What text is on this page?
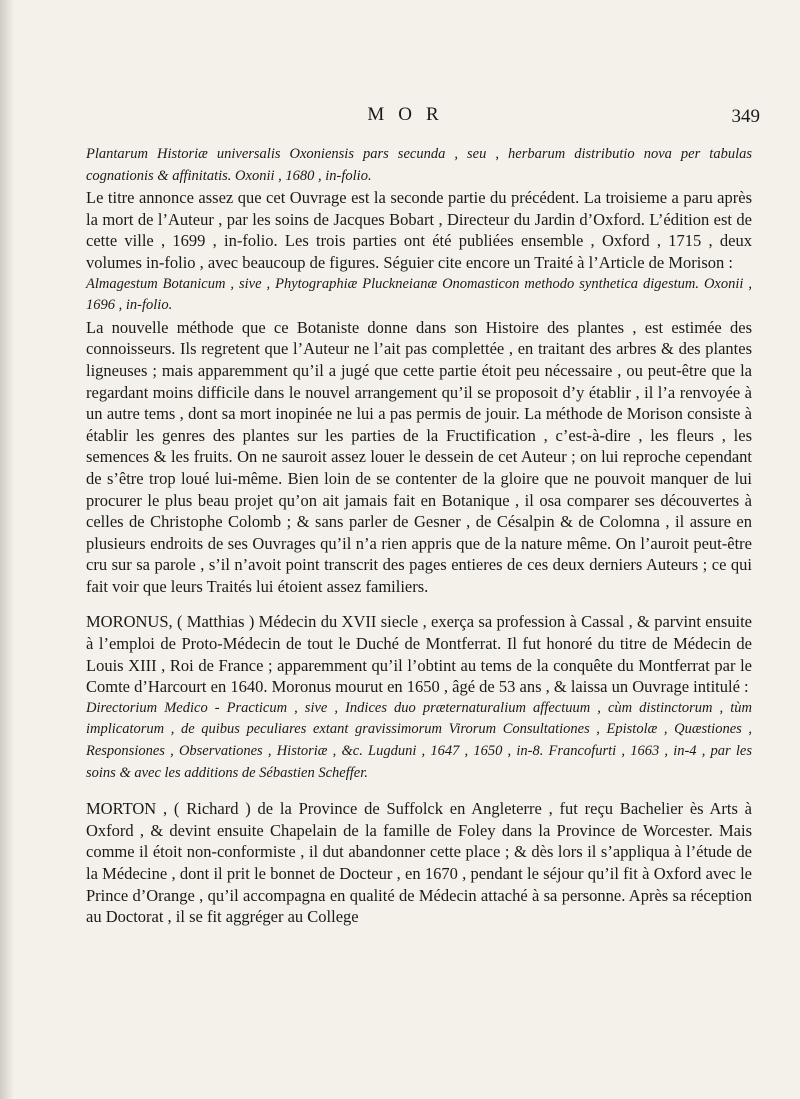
MOR	349

Plantarum Historiæ universalis Oxoniensis pars secunda , seu , herbarum distributio nova per tabulas cognationis & affinitatis. Oxonii , 1680 , in-folio.

Le titre annonce assez que cet Ouvrage est la seconde partie du précédent. La troisieme a paru après la mort de l’Auteur , par les soins de Jacques Bobart , Directeur du Jardin d’Oxford. L’édition est de cette ville , 1699 , in-folio. Les trois parties ont été publiées ensemble , Oxford , 1715 , deux volumes in-folio , avec beaucoup de figures. Séguier cite encore un Traité à l’Article de Morison :

Almagestum Botanicum , sive , Phytographiæ Pluckneianæ Onomasticon methodo synthetica digestum. Oxonii , 1696 , in-folio.

La nouvelle méthode que ce Botaniste donne dans son Histoire des plantes , est estimée des connoisseurs. Ils regretent que l’Auteur ne l’ait pas complettée , en traitant des arbres & des plantes ligneuses ; mais apparemment qu’il a jugé que cette partie étoit peu nécessaire , ou peut-être que la regardant moins difficile dans le nouvel arrangement qu’il se proposoit d’y établir , il l’a renvoyée à un autre tems , dont sa mort inopinée ne lui a pas permis de jouir. La méthode de Morison consiste à établir les genres des plantes sur les parties de la Fructification , c’est-à-dire , les fleurs , les semences & les fruits. On ne sauroit assez louer le dessein de cet Auteur ; on lui reproche cependant de s’être trop loué lui-même. Bien loin de se contenter de la gloire que ne pouvoit manquer de lui procurer le plus beau projet qu’on ait jamais fait en Botanique , il osa comparer ses découvertes à celles de Christophe Colomb ; & sans parler de Gesner , de Césalpin & de Colomna , il assure en plusieurs endroits de ses Ouvrages qu’il n’a rien appris que de la nature même. On l’auroit peut-être cru sur sa parole , s’il n’avoit point transcrit des pages entieres de ces deux derniers Auteurs ; ce qui fait voir que leurs Traités lui étoient assez familiers.

MORONUS, ( Matthias ) Médecin du XVII siecle , exerça sa profession à Cassal , & parvint ensuite à l’emploi de Proto-Médecin de tout le Duché de Montferrat. Il fut honoré du titre de Médecin de Louis XIII , Roi de France ; apparemment qu’il l’obtint au tems de la conquête du Montferrat par le Comte d’Harcourt en 1640. Moronus mourut en 1650 , âgé de 53 ans , & laissa un Ouvrage intitulé :

Directorium Medico - Practicum , sive , Indices duo præternaturalium affectuum , cùm distinctorum , tùm implicatorum , de quibus peculiares extant gravissimorum Virorum Consultationes , Epistolæ , Quæstiones , Responsiones , Observationes , Historiæ , &c. Lugduni , 1647 , 1650 , in-8. Francofurti , 1663 , in-4 , par les soins & avec les additions de Sébastien Scheffer.

MORTON , ( Richard ) de la Province de Suffolck en Angleterre , fut reçu Bachelier ès Arts à Oxford , & devint ensuite Chapelain de la famille de Foley dans la Province de Worcester. Mais comme il étoit non-conformiste , il dut abandonner cette place ; & dès lors il s’appliqua à l’étude de la Médecine , dont il prit le bonnet de Docteur , en 1670 , pendant le séjour qu’il fit à Oxford avec le Prince d’Orange , qu’il accompagna en qualité de Médecin attaché à sa personne. Après sa réception au Doctorat , il se fit aggréger au College
